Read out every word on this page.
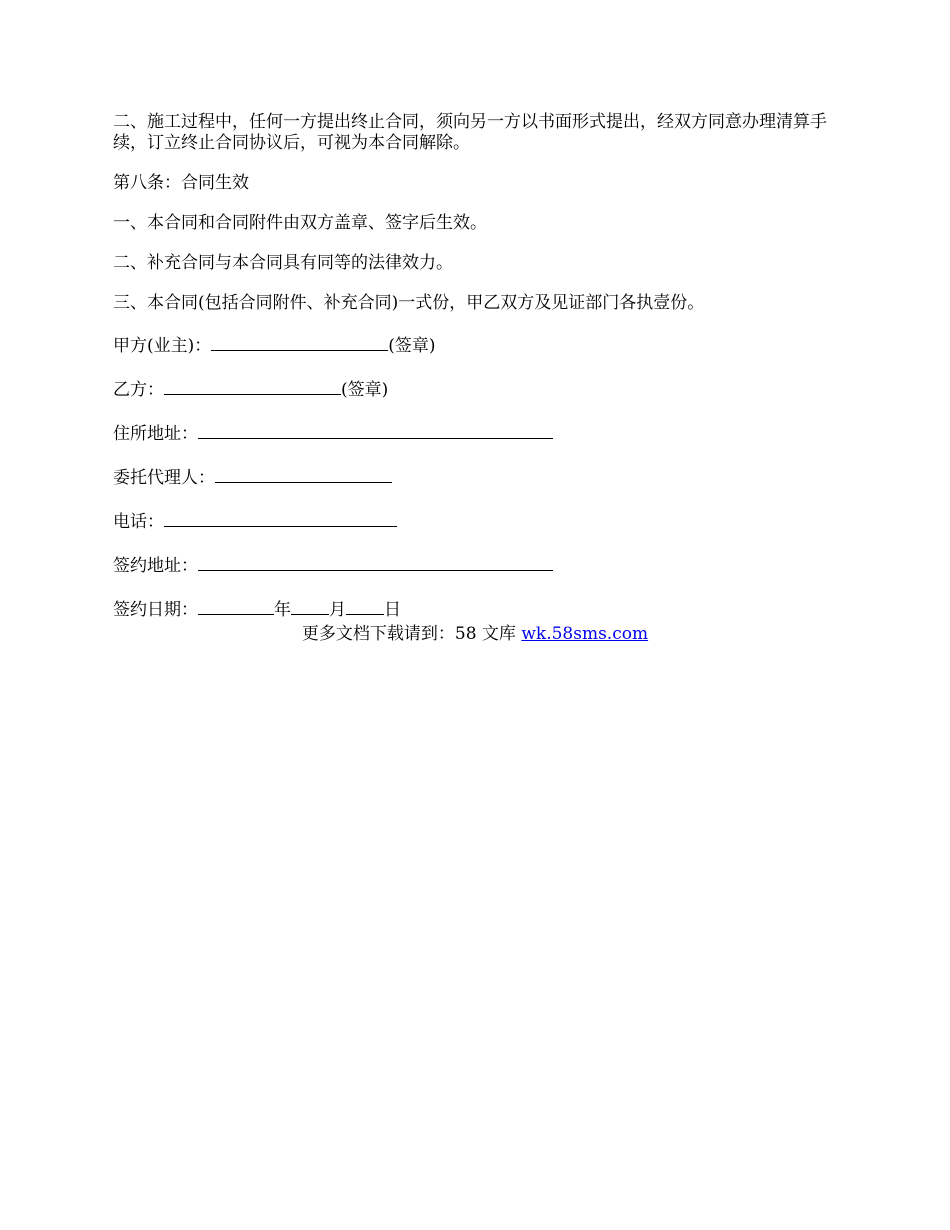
二、施工过程中，任何一方提出终止合同，须向另一方以书面形式提出，经双方同意办理清算手续，订立终止合同协议后，可视为本合同解除。

第八条：合同生效

一、本合同和合同附件由双方盖章、签字后生效。

二、补充合同与本合同具有同等的法律效力。

三、本合同(包括合同附件、补充合同)一式份，甲乙双方及见证部门各执壹份。

甲方(业主)：	(签章)
乙方：	(签章)
住所地址：
委托代理人：
电话：
签约地址：
签约日期：	年 月 日
更多文档下载请到：58 文库 wk.58sms.com
